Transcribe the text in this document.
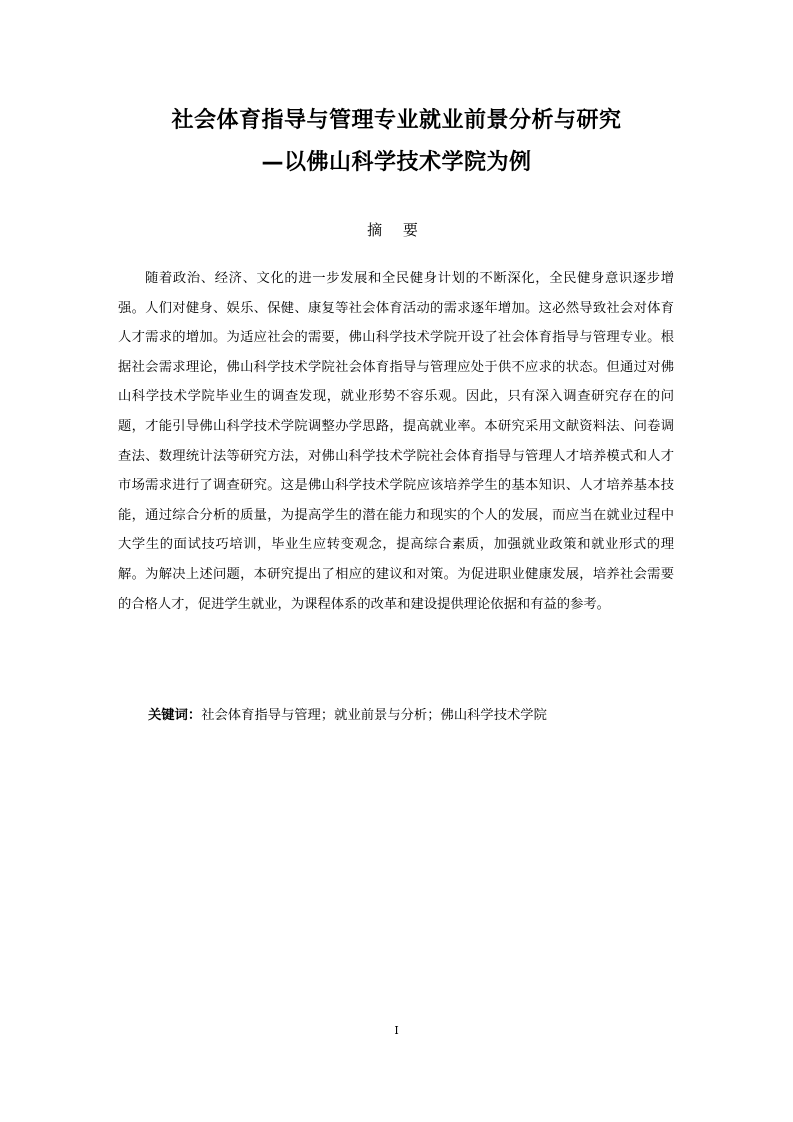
社会体育指导与管理专业就业前景分析与研究
—以佛山科学技术学院为例
摘 要

随着政治、经济、文化的进一步发展和全民健身计划的不断深化，全民健身意识逐步增强。人们对健身、娱乐、保健、康复等社会体育活动的需求逐年增加。这必然导致社会对体育人才需求的增加。为适应社会的需要，佛山科学技术学院开设了社会体育指导与管理专业。根据社会需求理论，佛山科学技术学院社会体育指导与管理应处于供不应求的状态。但通过对佛山科学技术学院毕业生的调查发现，就业形势不容乐观。因此，只有深入调查研究存在的问题，才能引导佛山科学技术学院调整办学思路，提高就业率。本研究采用文献资料法、问卷调查法、数理统计法等研究方法，对佛山科学技术学院社会体育指导与管理人才培养模式和人才市场需求进行了调查研究。这是佛山科学技术学院应该培养学生的基本知识、人才培养基本技能，通过综合分析的质量，为提高学生的潜在能力和现实的个人的发展，而应当在就业过程中大学生的面试技巧培训，毕业生应转变观念，提高综合素质，加强就业政策和就业形式的理解。为解决上述问题，本研究提出了相应的建议和对策。为促进职业健康发展，培养社会需要的合格人才，促进学生就业，为课程体系的改革和建设提供理论依据和有益的参考。

关键词：社会体育指导与管理；就业前景与分析；佛山科学技术学院
I
